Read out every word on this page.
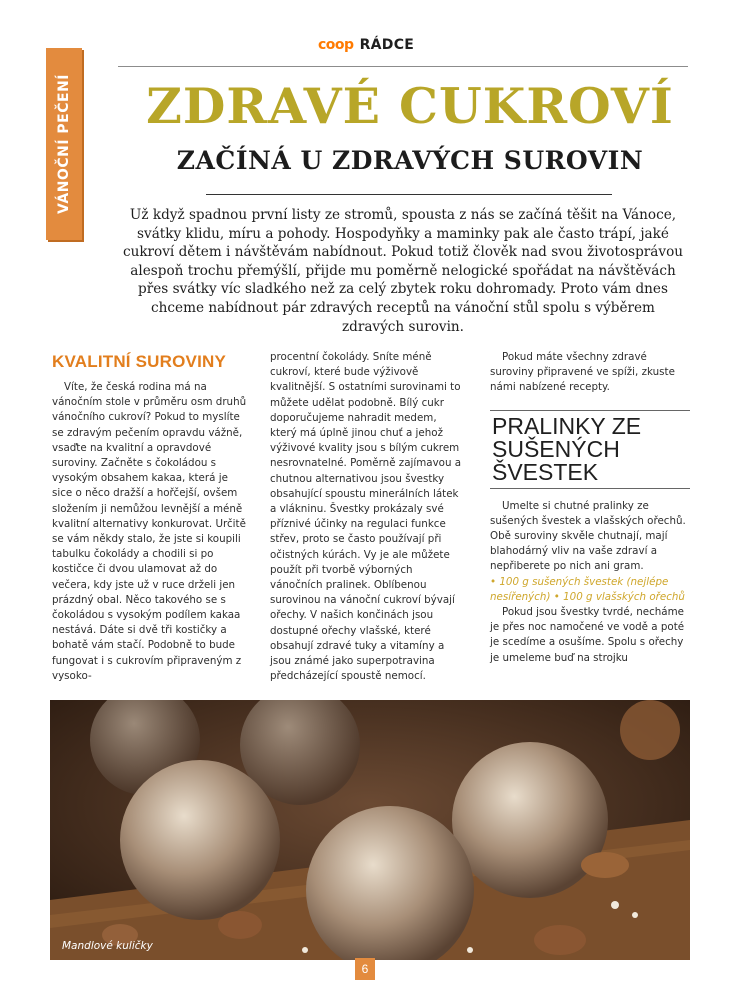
coop RÁDCE
VÁNOČNÍ PEČENÍ	ZDRAVÉ CUKROVÍ
ZAČÍNÁ U ZDRAVÝCH SUROVIN

Už když spadnou první listy ze stromů, spousta z nás se začíná těšit na Vánoce, svátky klidu, míru a pohody. Hospodyňky a maminky pak ale často trápí, jaké cukroví dětem i návštěvám nabídnout. Pokud totiž člověk nad svou životosprávou alespoň trochu přemýšlí, přijde mu poměrně nelogické spořádat na návštěvách přes svátky víc sladkého než za celý zbytek roku dohromady. Proto vám dnes chceme nabídnout pár zdravých receptů na vánoční stůl spolu s výběrem zdravých surovin.

KVALITNÍ SUROVINY

Víte, že česká rodina má na vánočním stole v průměru osm druhů vánočního cukroví? Pokud to myslíte se zdravým pečením opravdu vážně, vsaďte na kvalitní a opravdové suroviny. Začněte s čokoládou s vysokým obsahem kakaa, která je sice o něco dražší a hořčejší, ovšem složením ji nemůžou levnější a méně kvalitní alternativy konkurovat. Určitě se vám někdy stalo, že jste si koupili tabulku čokolády a chodili si po kostičce či dvou ulamovat až do večera, kdy jste už v ruce drželi jen prázdný obal. Něco takového se s čokoládou s vysokým podílem kakaa nestává. Dáte si dvě tři kostičky a bohatě vám stačí. Podobně to bude fungovat i s cukrovím připraveným z vysoko-

procentní čokolády. Sníte méně cukroví, které bude výživově kvalitnější. S ostatními surovinami to můžete udělat podobně. Bílý cukr doporučujeme nahradit medem, který má úplně jinou chuť a jehož výživové kvality jsou s bílým cukrem nesrovnatelné. Poměrně zajímavou a chutnou alternativou jsou švestky obsahující spoustu minerálních látek a vlákninu. Švestky prokázaly své příznivé účinky na regulaci funkce střev, proto se často používají při očistných kúrách. Vy je ale můžete použít při tvorbě výborných vánočních pralinek. Oblíbenou surovinou na vánoční cukroví bývají ořechy. V našich končinách jsou dostupné ořechy vlašské, které obsahují zdravé tuky a vitamíny a jsou známé jako superpotravina předcházející spoustě nemocí.

Pokud máte všechny zdravé suroviny připravené ve spíži, zkuste námi nabízené recepty.

PRALINKY ZE SUŠENÝCH ŠVESTEK

Umelte si chutné pralinky ze sušených švestek a vlašských ořechů. Obě suroviny skvěle chutnají, mají blahodárný vliv na vaše zdraví a nepřiberete po nich ani gram.

• 100 g sušených švestek (nejlépe nesířených) • 100 g vlašských ořechů

Pokud jsou švestky tvrdé, necháme je přes noc namočené ve vodě a poté je scedíme a osušíme. Spolu s ořechy je umeleme buď na strojku

Mandlové kuličky
6
